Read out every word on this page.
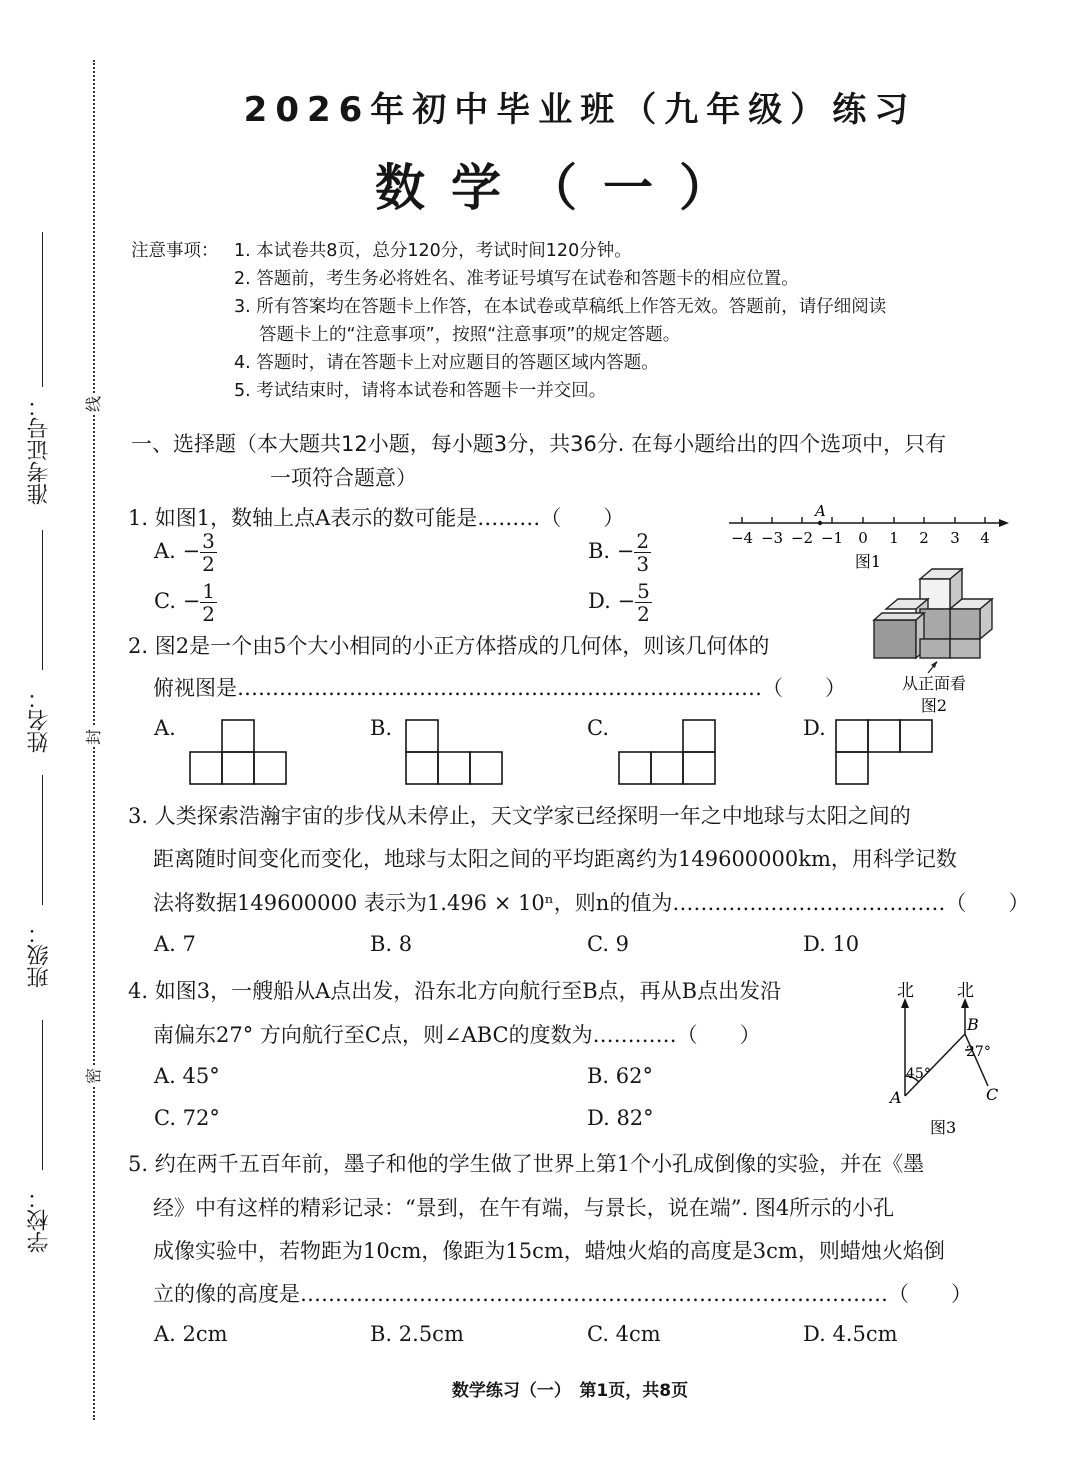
线
封
密
准考证号：
姓名：
班级：
学校：
2026年初中毕业班（九年级）练习
数学（一）
注意事项： 1. 本试卷共8页，总分120分，考试时间120分钟。
2. 答题前，考生务必将姓名、准考证号填写在试卷和答题卡的相应位置。
3. 所有答案均在答题卡上作答，在本试卷或草稿纸上作答无效。答题前，请仔细阅读
答题卡上的“注意事项”，按照“注意事项”的规定答题。
4. 答题时，请在答题卡上对应题目的答题区域内答题。
5. 考试结束时，请将本试卷和答题卡一并交回。
一、选择题（本大题共12小题，每小题3分，共36分. 在每小题给出的四个选项中，只有
一项符合题意）
1. 如图1，数轴上点A表示的数可能是………（　　）
A. − $\frac{3}{2}$	B. − $\frac{2}{3}$
C. − $\frac{1}{2}$	D. − $\frac{5}{2}$
A
−4 −3 −2 −1 0 1 2 3 4
图1
2. 图2是一个由5个大小相同的小正方体搭成的几何体，则该几何体的
俯视图是…………………………………………………………………（　　）	从正面看
图2
A.	B.	C.	D.
3. 人类探索浩瀚宇宙的步伐从未停止，天文学家已经探明一年之中地球与太阳之间的
距离随时间变化而变化，地球与太阳之间的平均距离约为149600000km，用科学记数
法将数据149600000 表示为1.496 × 10ⁿ，则n的值为…………………………………（　　）
A. 7	B. 8	C. 9	D. 10
4. 如图3，一艘船从A点出发，沿东北方向航行至B点，再从B点出发沿
南偏东27° 方向航行至C点，则∠ABC的度数为…………（　　）
A. 45°	B. 62°
C. 72°	D. 82°
北	北
A
B
C
45°
27°
图3
5. 约在两千五百年前，墨子和他的学生做了世界上第1个小孔成倒像的实验，并在《墨
经》中有这样的精彩记录：“景到，在午有端，与景长，说在端”. 图4所示的小孔
成像实验中，若物距为10cm，像距为15cm，蜡烛火焰的高度是3cm，则蜡烛火焰倒
立的像的高度是…………………………………………………………………………（　　）
A. 2cm	B. 2.5cm	C. 4cm	D. 4.5cm
数学练习（一）　第1页，共8页
